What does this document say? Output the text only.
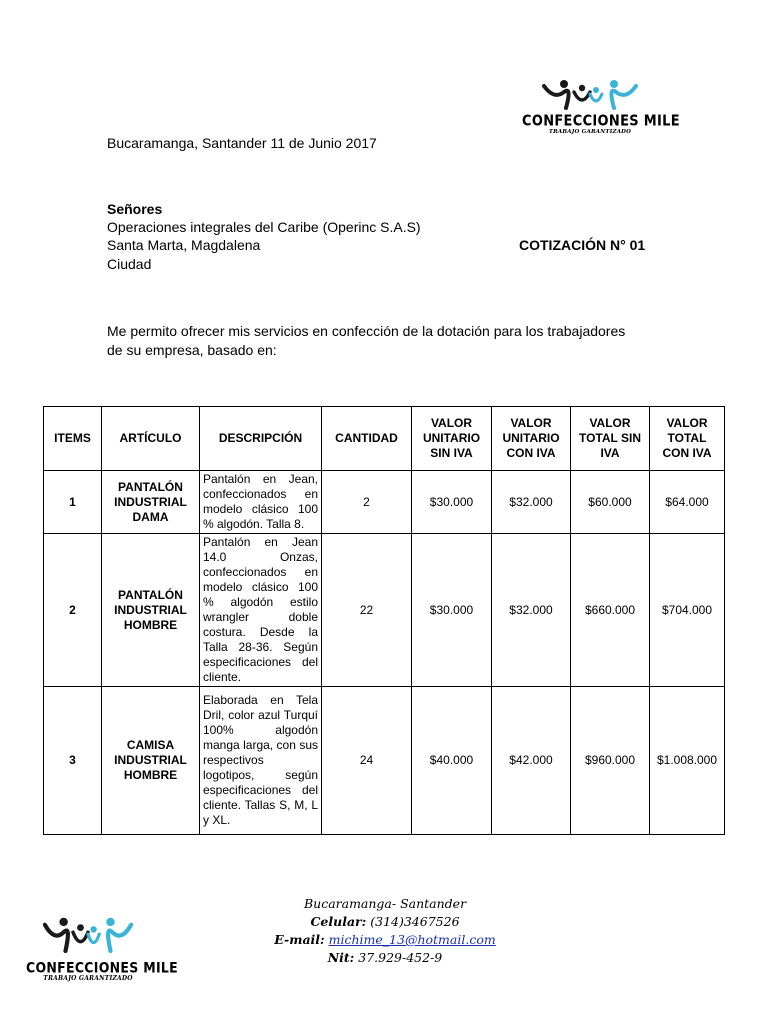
CONFECCIONES MILE
TRABAJO GARANTIZADO
Bucaramanga, Santander 11 de Junio 2017
Señores
Operaciones integrales del Caribe (Operinc S.A.S)
Santa Marta, Magdalena
Ciudad
COTIZACIÓN N° 01
Me permito ofrecer mis servicios en confección de la dotación para los trabajadores
de su empresa, basado en:
ITEMS	ARTÍCULO	DESCRIPCIÓN	CANTIDAD	VALOR UNITARIO SIN IVA	VALOR UNITARIO CON IVA	VALOR TOTAL SIN IVA	VALOR TOTAL CON IVA
1	PANTALÓN INDUSTRIAL DAMA	Pantalón en Jean, confeccionados en modelo clásico 100 % algodón. Talla 8.	2	$30.000	$32.000	$60.000	$64.000
2	PANTALÓN INDUSTRIAL HOMBRE	Pantalón en Jean 14.0 Onzas, confeccionados en modelo clásico 100 % algodón estilo wrangler doble costura. Desde la Talla 28-36. Según especificaciones del cliente.	22	$30.000	$32.000	$660.000	$704.000
3	CAMISA INDUSTRIAL HOMBRE	Elaborada en Tela Dril, color azul Turquí 100% algodón manga larga, con sus respectivos logotipos, según especificaciones del cliente. Tallas S, M, L y XL.	24	$40.000	$42.000	$960.000	$1.008.000
CONFECCIONES MILE
TRABAJO GARANTIZADO
Bucaramanga- Santander
Celular: (314)3467526
E-mail: michime_13@hotmail.com
Nit: 37.929-452-9
